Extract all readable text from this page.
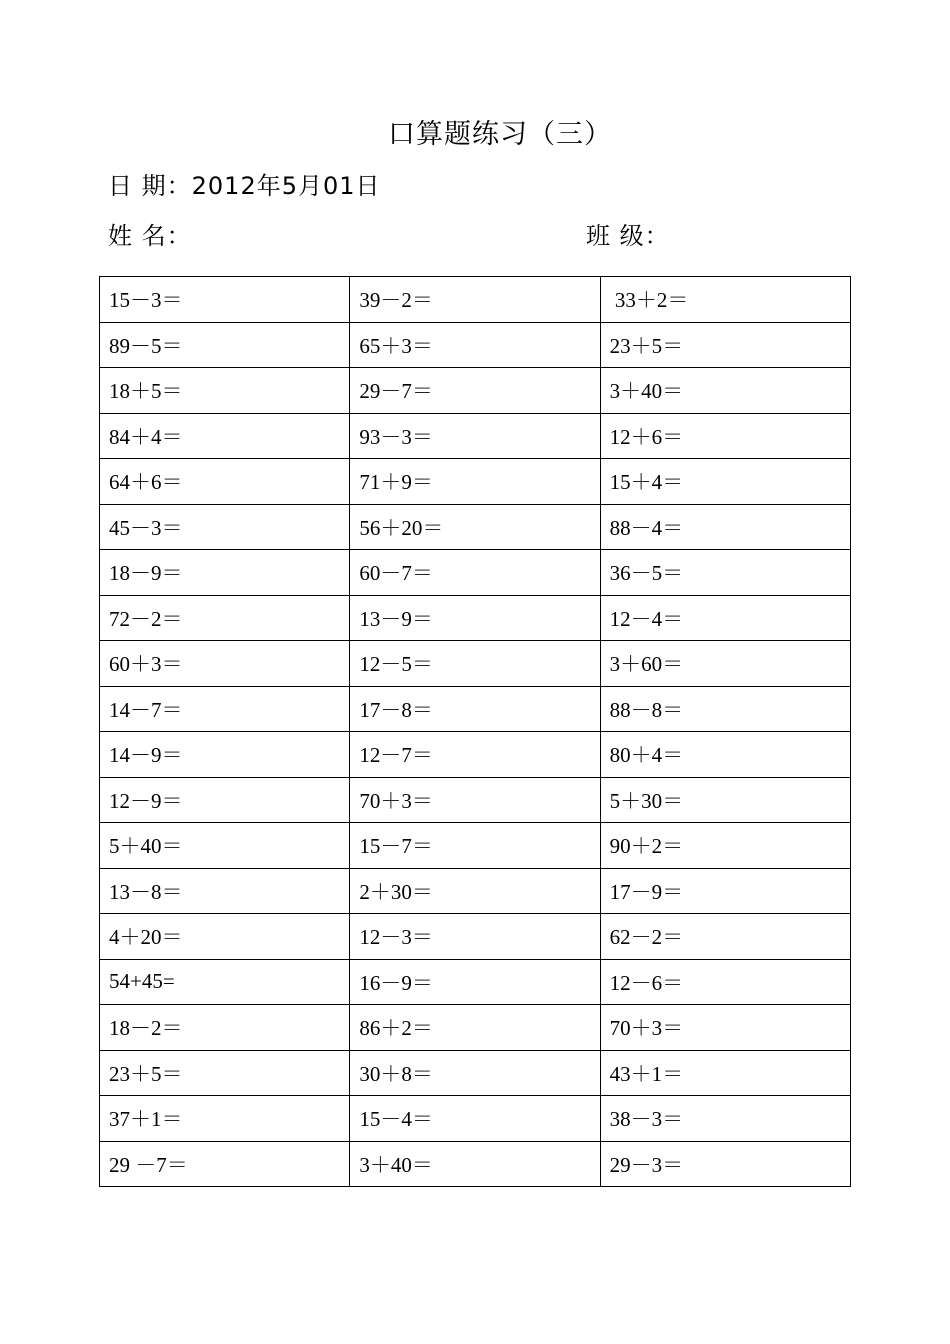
口算题练习（三）
日 期：2012年5月01日
姓 名：	班 级：
15－3＝	39－2＝	33＋2＝
89－5＝	65＋3＝	23＋5＝
18＋5＝	29－7＝	3＋40＝
84＋4＝	93－3＝	12＋6＝
64＋6＝	71＋9＝	15＋4＝
45－3＝	56＋20＝	88－4＝
18－9＝	60－7＝	36－5＝
72－2＝	13－9＝	12－4＝
60＋3＝	12－5＝	3＋60＝
14－7＝	17－8＝	88－8＝
14－9＝	12－7＝	80＋4＝
12－9＝	70＋3＝	5＋30＝
5＋40＝	15－7＝	90＋2＝
13－8＝	2＋30＝	17－9＝
4＋20＝	12－3＝	62－2＝
54+45=	16－9＝	12－6＝
18－2＝	86＋2＝	70＋3＝
23＋5＝	30＋8＝	43＋1＝
37＋1＝	15－4＝	38－3＝
29 －7＝	3＋40＝	29－3＝
